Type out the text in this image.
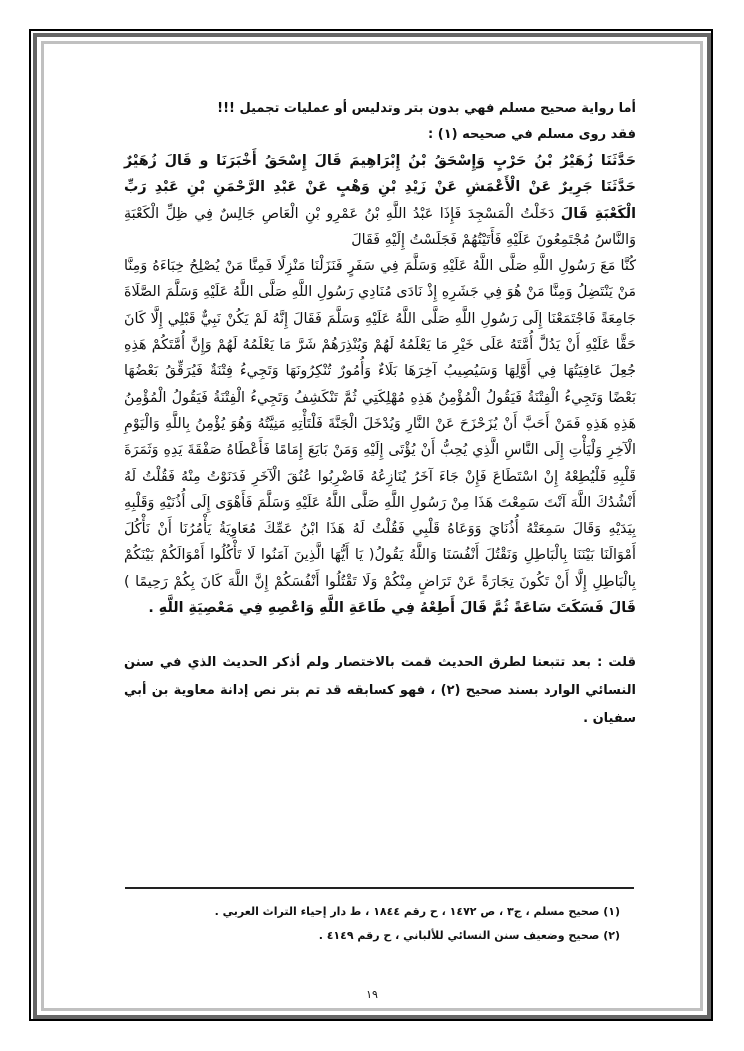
أما رواية صحيح مسلم فهي بدون بتر وتدليس أو عمليات تجميل !!!

فقد روى مسلم في صحيحه (١) :

حَدَّثَنَا زُهَيْرُ بْنُ حَرْبٍ وَإِسْحَقُ بْنُ إِبْرَاهِيمَ قَالَ إِسْحَقُ أَخْبَرَنَا و قَالَ زُهَيْرٌ حَدَّثَنَا جَرِيرٌ عَنْ الْأَعْمَشِ عَنْ زَيْدِ بْنِ وَهْبٍ عَنْ عَبْدِ الرَّحْمَنِ بْنِ عَبْدِ رَبِّ الْكَعْبَةِ قَالَ دَخَلْتُ الْمَسْجِدَ فَإِذَا عَبْدُ اللَّهِ بْنُ عَمْرِو بْنِ الْعَاصِ جَالِسٌ فِي ظِلِّ الْكَعْبَةِ وَالنَّاسُ مُجْتَمِعُونَ عَلَيْهِ فَأَتَيْتُهُمْ فَجَلَسْتُ إِلَيْهِ فَقَالَ
كُنَّا مَعَ رَسُولِ اللَّهِ صَلَّى اللَّهُ عَلَيْهِ وَسَلَّمَ فِي سَفَرٍ فَنَزَلْنَا مَنْزِلًا فَمِنَّا مَنْ يُصْلِحُ خِبَاءَهُ وَمِنَّا مَنْ يَنْتَضِلُ وَمِنَّا مَنْ هُوَ فِي جَشَرِهِ إِذْ نَادَى مُنَادِي رَسُولِ اللَّهِ صَلَّى اللَّهُ عَلَيْهِ وَسَلَّمَ الصَّلَاةَ جَامِعَةً فَاجْتَمَعْنَا إِلَى رَسُولِ اللَّهِ صَلَّى اللَّهُ عَلَيْهِ وَسَلَّمَ فَقَالَ إِنَّهُ لَمْ يَكُنْ نَبِيٌّ قَبْلِي إِلَّا كَانَ حَقًّا عَلَيْهِ أَنْ يَدُلَّ أُمَّتَهُ عَلَى خَيْرِ مَا يَعْلَمُهُ لَهُمْ وَيُنْذِرَهُمْ شَرَّ مَا يَعْلَمُهُ لَهُمْ وَإِنَّ أُمَّتَكُمْ هَذِهِ جُعِلَ عَافِيَتُهَا فِي أَوَّلِهَا وَسَيُصِيبُ آخِرَهَا بَلَاءٌ وَأُمُورٌ تُنْكِرُونَهَا وَتَجِيءُ فِتْنَةٌ فَيُرَقِّقُ بَعْضُهَا بَعْضًا وَتَجِيءُ الْفِتْنَةُ فَيَقُولُ الْمُؤْمِنُ هَذِهِ مُهْلِكَتِي ثُمَّ تَنْكَشِفُ وَتَجِيءُ الْفِتْنَةُ فَيَقُولُ الْمُؤْمِنُ هَذِهِ هَذِهِ فَمَنْ أَحَبَّ أَنْ يُزَحْزَحَ عَنْ النَّارِ وَيُدْخَلَ الْجَنَّةَ فَلْتَأْتِهِ مَنِيَّتُهُ وَهُوَ يُؤْمِنُ بِاللَّهِ وَالْيَوْمِ الْآخِرِ وَلْيَأْتِ إِلَى النَّاسِ الَّذِي يُحِبُّ أَنْ يُؤْتَى إِلَيْهِ وَمَنْ بَايَعَ إِمَامًا فَأَعْطَاهُ صَفْقَةَ يَدِهِ وَثَمَرَةَ قَلْبِهِ فَلْيُطِعْهُ إِنْ اسْتَطَاعَ فَإِنْ جَاءَ آخَرُ يُنَازِعُهُ فَاضْرِبُوا عُنُقَ الْآخَرِ فَدَنَوْتُ مِنْهُ فَقُلْتُ لَهُ أَنْشُدُكَ اللَّهَ آنْتَ سَمِعْتَ هَذَا مِنْ رَسُولِ اللَّهِ صَلَّى اللَّهُ عَلَيْهِ وَسَلَّمَ فَأَهْوَى إِلَى أُذُنَيْهِ وَقَلْبِهِ بِيَدَيْهِ وَقَالَ سَمِعَتْهُ أُذُنَايَ وَوَعَاهُ قَلْبِي فَقُلْتُ لَهُ هَذَا ابْنُ عَمِّكَ مُعَاوِيَةُ يَأْمُرُنَا أَنْ نَأْكُلَ أَمْوَالَنَا بَيْنَنَا بِالْبَاطِلِ وَنَقْتُلَ أَنْفُسَنَا وَاللَّهُ يَقُولُ( يَا أَيُّهَا الَّذِينَ آمَنُوا لَا تَأْكُلُوا أَمْوَالَكُمْ بَيْنَكُمْ بِالْبَاطِلِ إِلَّا أَنْ تَكُونَ تِجَارَةً عَنْ تَرَاضٍ مِنْكُمْ وَلَا تَقْتُلُوا أَنْفُسَكُمْ إِنَّ اللَّهَ كَانَ بِكُمْ رَحِيمًا ) قَالَ فَسَكَتَ سَاعَةً ثُمَّ قَالَ أَطِعْهُ فِي طَاعَةِ اللَّهِ وَاعْصِهِ فِي مَعْصِيَةِ اللَّهِ .

قلت : بعد تتبعنا لطرق الحديث قمت بالاختصار ولم أذكر الحديث الذي في سنن النسائي الوارد بسند صحيح (٢) ، فهو كسابقه قد تم بتر نص إدانة معاوية بن أبي سفيان .

(١) صحيح مسلم ، ج٣ ، ص ١٤٧٢ ، ح رقم ١٨٤٤ ، ط دار إحياء التراث العربي .

(٢) صحيح وضعيف سنن النسائي للألباني ، ح رقم ٤١٤٩ .

١٩
